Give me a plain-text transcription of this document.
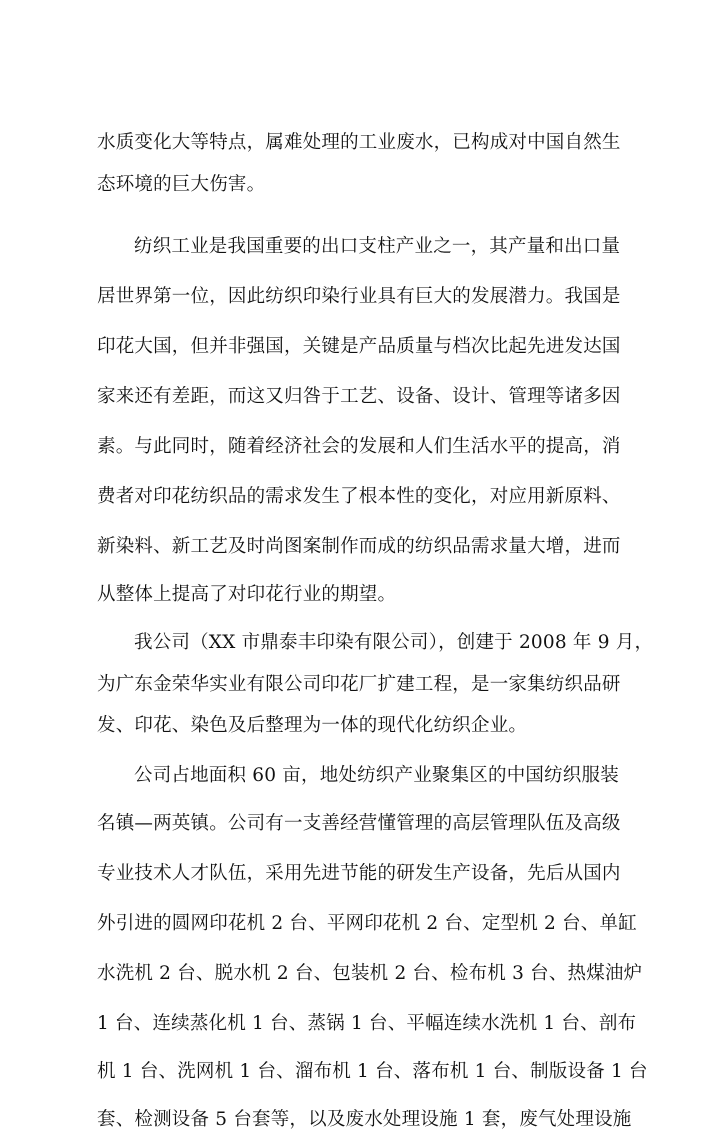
水质变化大等特点，属难处理的工业废水，已构成对中国自然生
态环境的巨大伤害。
纺织工业是我国重要的出口支柱产业之一，其产量和出口量
居世界第一位，因此纺织印染行业具有巨大的发展潜力。我国是
印花大国，但并非强国，关键是产品质量与档次比起先进发达国
家来还有差距，而这又归咎于工艺、设备、设计、管理等诸多因
素。与此同时，随着经济社会的发展和人们生活水平的提高，消
费者对印花纺织品的需求发生了根本性的变化，对应用新原料、
新染料、新工艺及时尚图案制作而成的纺织品需求量大增，进而
从整体上提高了对印花行业的期望。
我公司（XX 市鼎泰丰印染有限公司），创建于 2008 年 9 月，
为广东金荣华实业有限公司印花厂扩建工程，是一家集纺织品研
发、印花、染色及后整理为一体的现代化纺织企业。
公司占地面积 60 亩，地处纺织产业聚集区的中国纺织服装
名镇—两英镇。公司有一支善经营懂管理的高层管理队伍及高级
专业技术人才队伍，采用先进节能的研发生产设备，先后从国内
外引进的圆网印花机 2 台、平网印花机 2 台、定型机 2 台、单缸
水洗机 2 台、脱水机 2 台、包装机 2 台、检布机 3 台、热煤油炉
1 台、连续蒸化机 1 台、蒸锅 1 台、平幅连续水洗机 1 台、剖布
机 1 台、洗网机 1 台、溜布机 1 台、落布机 1 台、制版设备 1 台
套、检测设备 5 台套等，以及废水处理设施 1 套，废气处理设施
